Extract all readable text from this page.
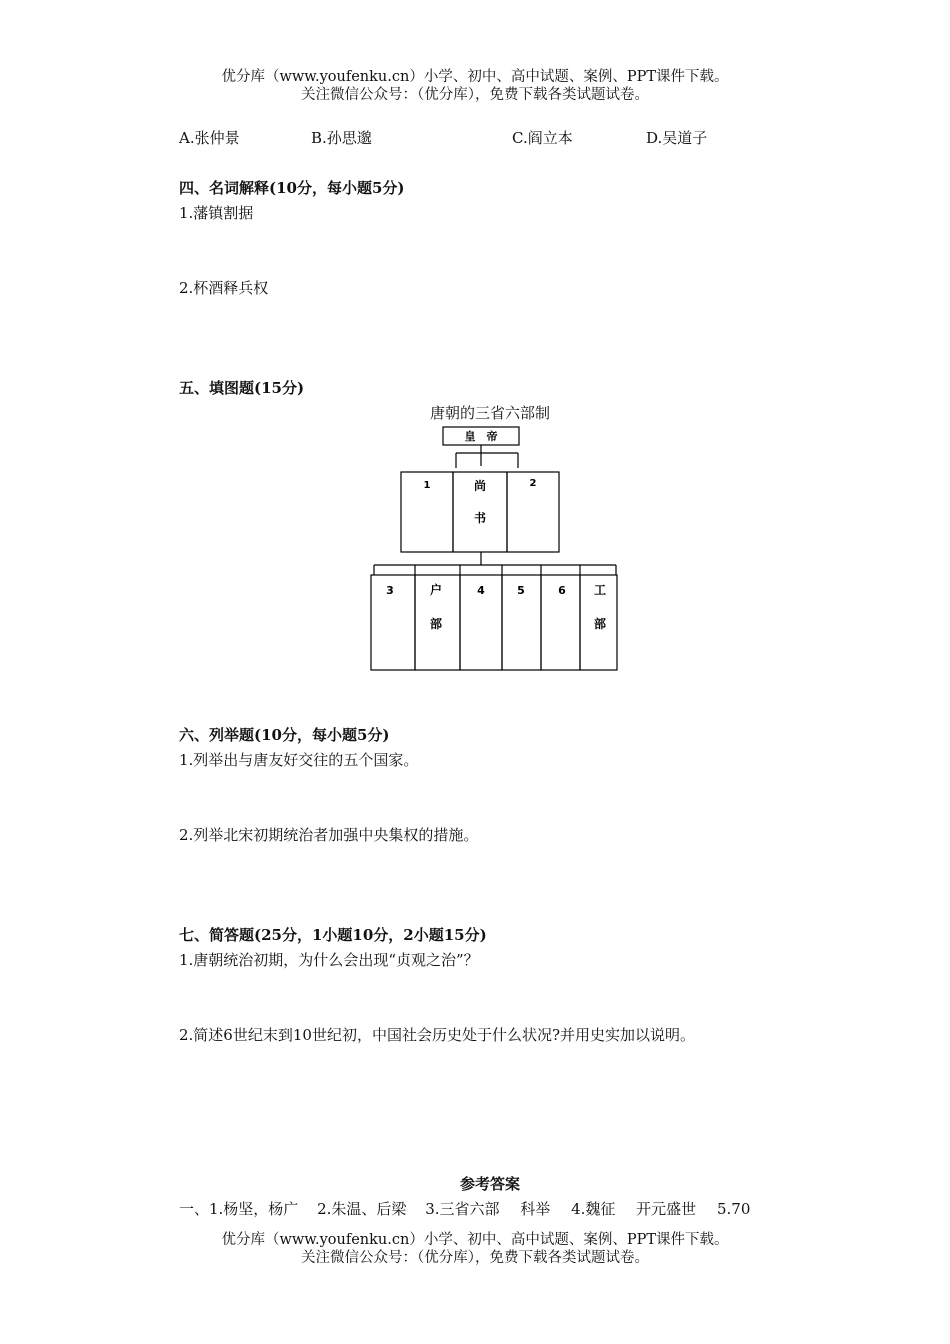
优分库（www.youfenku.cn）小学、初中、高中试题、案例、PPT课件下载。
关注微信公众号：（优分库），免费下载各类试题试卷。
A.张仲景	B.孙思邈	C.阎立本	D.吴道子
四、名词解释(10分，每小题5分)
1.藩镇割据
2.杯酒释兵权
五、填图题(15分)
唐朝的三省六部制
皇　帝
1	尚
书
2
3	户
部
4	5	6 工
部
六、列举题(10分，每小题5分)
1.列举出与唐友好交往的五个国家。
2.列举北宋初期统治者加强中央集权的措施。
七、简答题(25分，1小题10分，2小题15分)
1.唐朝统治初期，为什么会出现“贞观之治”？
2.简述6世纪末到10世纪初，中国社会历史处于什么状况?并用史实加以说明。
参考答案
一、1.杨坚，杨广 2.朱温、后梁 3.三省六部 科举 4.魏征 开元盛世 5.70
优分库（www.youfenku.cn）小学、初中、高中试题、案例、PPT课件下载。
关注微信公众号：（优分库），免费下载各类试题试卷。
